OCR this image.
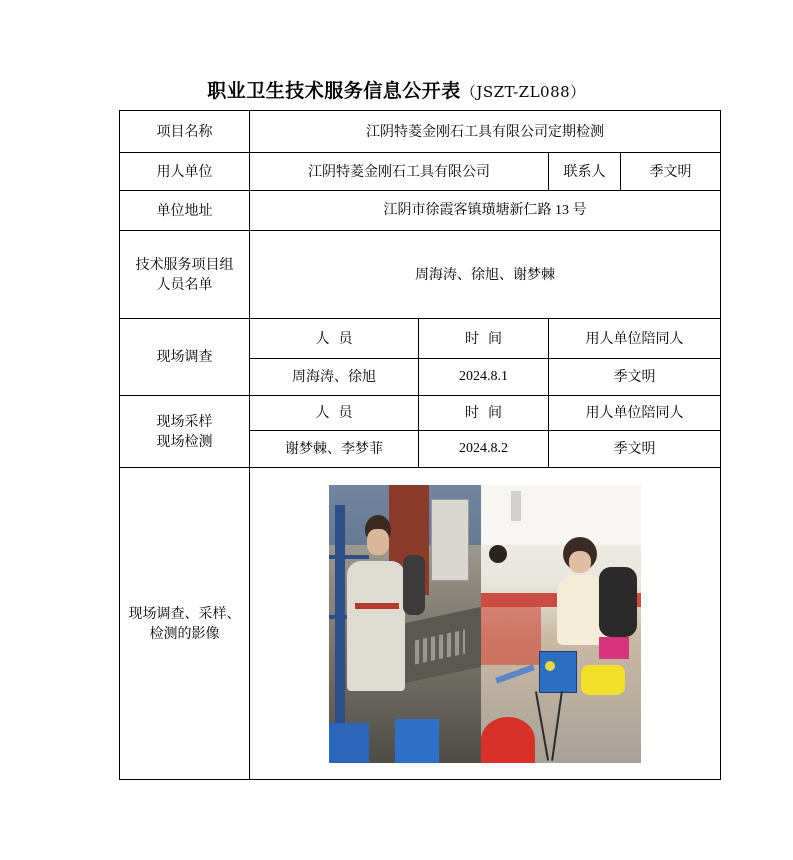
职业卫生技术服务信息公开表（JSZT-ZL088）
项目名称	江阴特菱金刚石工具有限公司定期检测			
用人单位	江阴特菱金刚石工具有限公司		联系人	季文明
单位地址	江阴市徐霞客镇璜塘新仁路 13 号			

技术服务项目组
人员名单	周海涛、徐旭、谢梦棘			
现场调查	人  员	时  间	用人单位陪同人	
	周海涛、徐旭	2024.8.1	季文明	

现场采样
现场检测	人  员	时  间	用人单位陪同人	
	谢梦棘、李梦菲	2024.8.2	季文明	

现场调查、采样、
检测的影像				
